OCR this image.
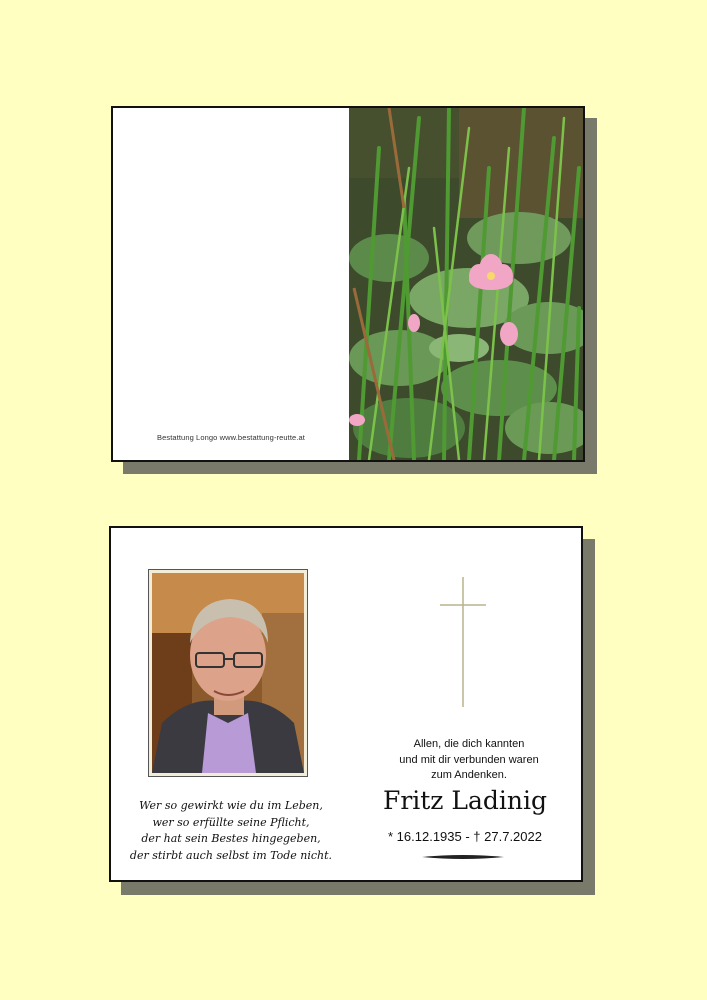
Bestattung Longo www.bestattung-reutte.at
Wer so gewirkt wie du im Leben,
wer so erfüllte seine Pflicht,
der hat sein Bestes hingegeben,
der stirbt auch selbst im Tode nicht.
Allen, die dich kannten
und mit dir verbunden waren
zum Andenken.
Fritz Ladinig
* 16.12.1935 - † 27.7.2022
